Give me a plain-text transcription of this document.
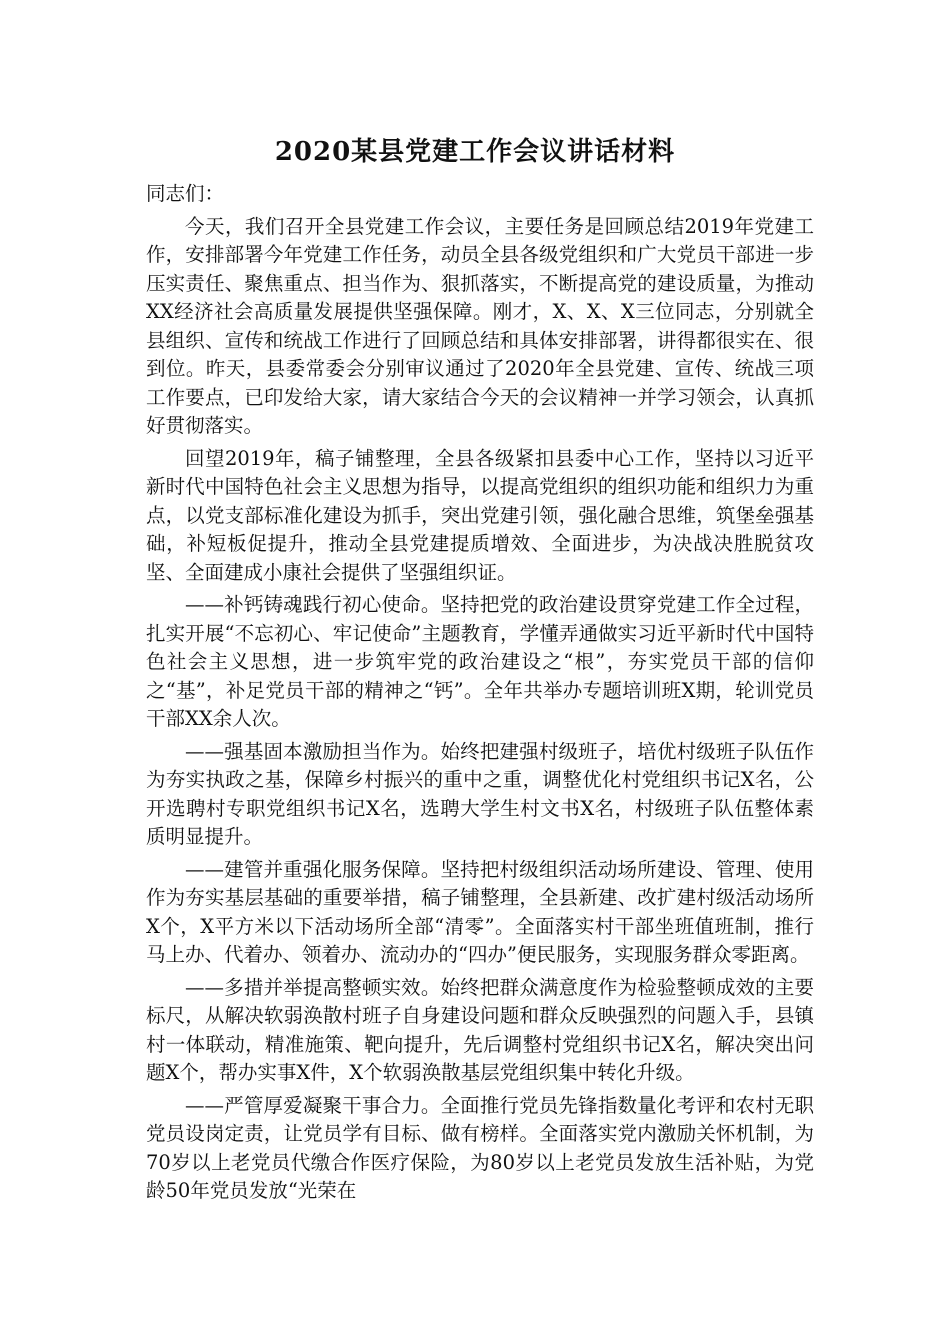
2020某县党建工作会议讲话材料

同志们：

今天，我们召开全县党建工作会议，主要任务是回顾总结2019年党建工作，安排部署今年党建工作任务，动员全县各级党组织和广大党员干部进一步压实责任、聚焦重点、担当作为、狠抓落实，不断提高党的建设质量，为推动XX经济社会高质量发展提供坚强保障。刚才，X、X、X三位同志，分别就全县组织、宣传和统战工作进行了回顾总结和具体安排部署，讲得都很实在、很到位。昨天，县委常委会分别审议通过了2020年全县党建、宣传、统战三项工作要点，已印发给大家，请大家结合今天的会议精神一并学习领会，认真抓好贯彻落实。

回望2019年，稿子铺整理，全县各级紧扣县委中心工作，坚持以习近平新时代中国特色社会主义思想为指导，以提高党组织的组织功能和组织力为重点，以党支部标准化建设为抓手，突出党建引领，强化融合思维，筑堡垒强基础，补短板促提升，推动全县党建提质增效、全面进步，为决战决胜脱贫攻坚、全面建成小康社会提供了坚强组织证。

——补钙铸魂践行初心使命。坚持把党的政治建设贯穿党建工作全过程，扎实开展“不忘初心、牢记使命”主题教育，学懂弄通做实习近平新时代中国特色社会主义思想，进一步筑牢党的政治建设之“根”，夯实党员干部的信仰之“基”，补足党员干部的精神之“钙”。全年共举办专题培训班X期，轮训党员干部XX余人次。

——强基固本激励担当作为。始终把建强村级班子，培优村级班子队伍作为夯实执政之基，保障乡村振兴的重中之重，调整优化村党组织书记X名，公开选聘村专职党组织书记X名，选聘大学生村文书X名，村级班子队伍整体素质明显提升。

——建管并重强化服务保障。坚持把村级组织活动场所建设、管理、使用作为夯实基层基础的重要举措，稿子铺整理，全县新建、改扩建村级活动场所X个，X平方米以下活动场所全部“清零”。全面落实村干部坐班值班制，推行马上办、代着办、领着办、流动办的“四办”便民服务，实现服务群众零距离。

——多措并举提高整顿实效。始终把群众满意度作为检验整顿成效的主要标尺，从解决软弱涣散村班子自身建设问题和群众反映强烈的问题入手，县镇村一体联动，精准施策、靶向提升，先后调整村党组织书记X名，解决突出问题X个，帮办实事X件，X个软弱涣散基层党组织集中转化升级。

——严管厚爱凝聚干事合力。全面推行党员先锋指数量化考评和农村无职党员设岗定责，让党员学有目标、做有榜样。全面落实党内激励关怀机制，为70岁以上老党员代缴合作医疗保险，为80岁以上老党员发放生活补贴，为党龄50年党员发放“光荣在
